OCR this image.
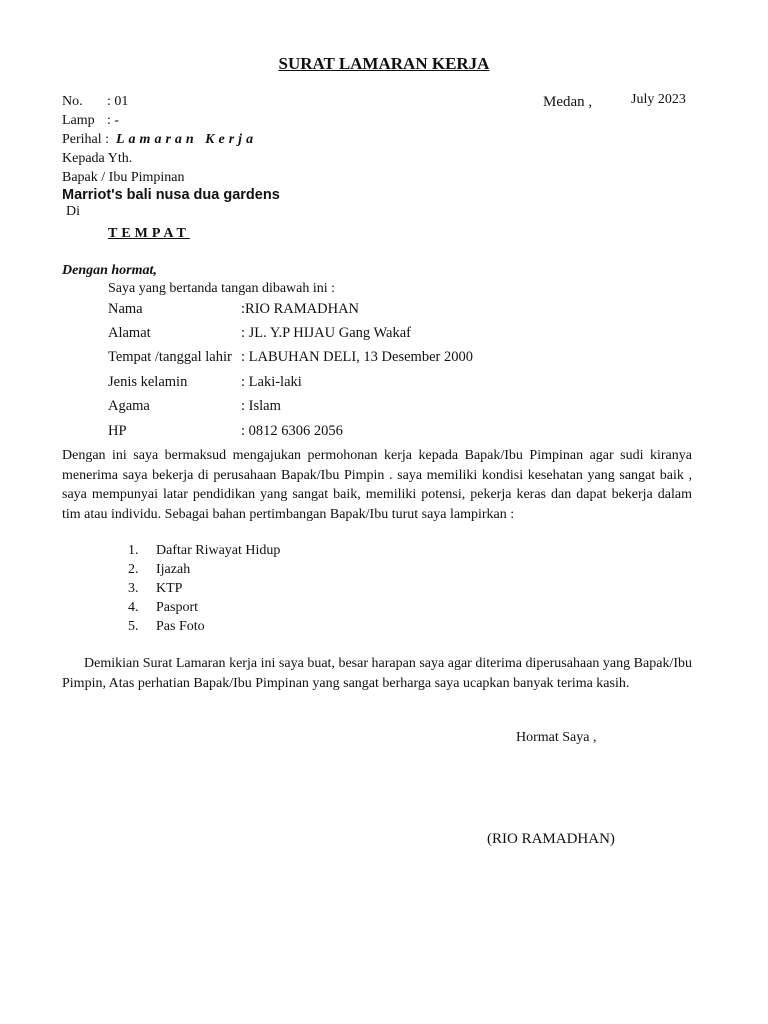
SURAT LAMARAN KERJA
No. : 01	Medan ,	July 2023
Lamp : -
Perihal : Lamaran Kerja
Kepada Yth.
Bapak / Ibu Pimpinan
Marriot's bali nusa dua gardens
Di
TEMPAT
Dengan hormat,
Saya yang bertanda tangan dibawah ini :
Nama	:RIO RAMADHAN
Alamat	: JL. Y.P HIJAU Gang Wakaf
Tempat /tanggal lahir : LABUHAN DELI, 13 Desember 2000
Jenis kelamin	: Laki-laki
Agama	: Islam
HP	: 0812 6306 2056
Dengan ini saya bermaksud mengajukan permohonan kerja kepada Bapak/Ibu Pimpinan agar sudi kiranya menerima saya bekerja di perusahaan Bapak/Ibu Pimpin . saya memiliki kondisi kesehatan yang sangat baik , saya mempunyai latar pendidikan yang sangat baik, memiliki potensi, pekerja keras dan dapat bekerja dalam tim atau individu. Sebagai bahan pertimbangan Bapak/Ibu turut saya lampirkan :
1. Daftar Riwayat Hidup
2. Ijazah
3. KTP
4. Pasport
5. Pas Foto
Demikian Surat Lamaran kerja ini saya buat, besar harapan saya agar diterima diperusahaan yang Bapak/Ibu Pimpin, Atas perhatian Bapak/Ibu Pimpinan yang sangat berharga saya ucapkan banyak terima kasih.
Hormat Saya ,
(RIO RAMADHAN)
